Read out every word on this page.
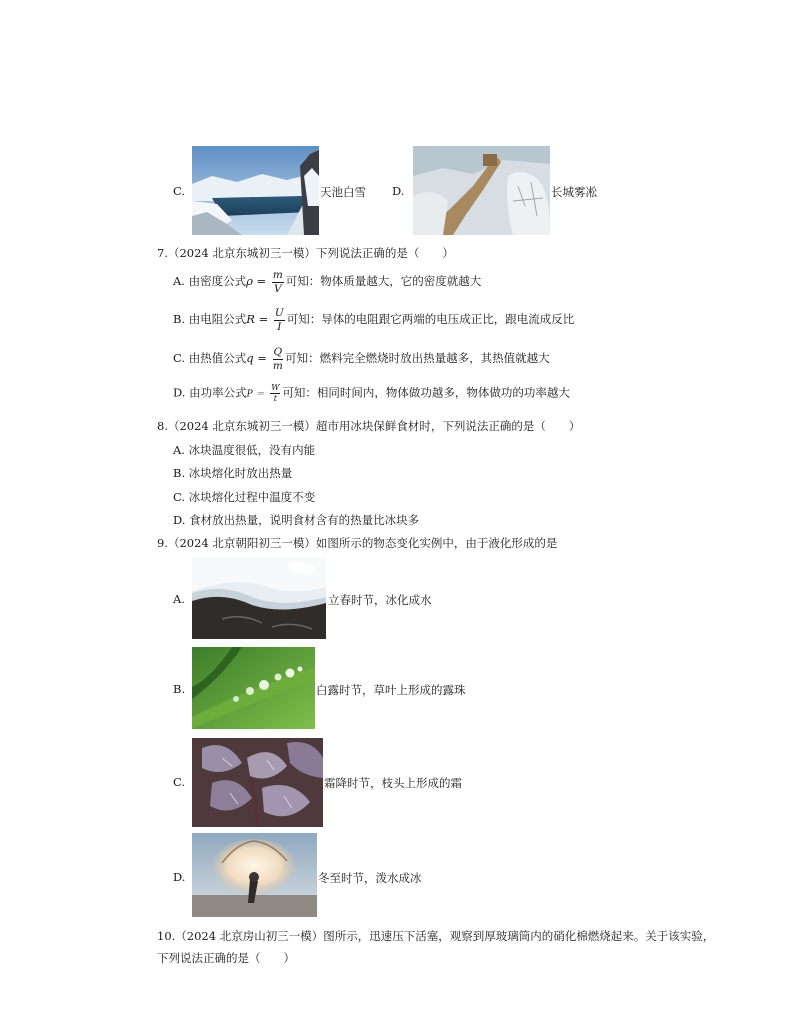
C.	天池白雪 D.	长城雾凇
7.（2024 北京东城初三一模）下列说法正确的是（　　）
A. 由密度公式$\rho = \frac{m}{V}$ 可知：物体质量越大，它的密度就越大
B. 由电阻公式$R = \frac{U}{I}$ 可知：导体的电阻跟它两端的电压成正比，跟电流成反比
C. 由热值公式$q = \frac{Q}{m}$ 可知：燃料完全燃烧时放出热量越多，其热值就越大
D. 由功率公式$P = \frac{W}{t}$ 可知：相同时间内，物体做功越多，物体做功的功率越大
8.（2024 北京东城初三一模）超市用冰块保鲜食材时，下列说法正确的是（　　）
A. 冰块温度很低，没有内能
B. 冰块熔化时放出热量
C. 冰块熔化过程中温度不变
D. 食材放出热量，说明食材含有的热量比冰块多
9.（2024 北京朝阳初三一模）如图所示的物态变化实例中，由于液化形成的是
A.	立春时节，冰化成水
B.	白露时节，草叶上形成的露珠
C.	霜降时节，枝头上形成的霜
D.	冬至时节，泼水成冰
10.（2024 北京房山初三一模）图所示，迅速压下活塞，观察到厚玻璃筒内的硝化棉燃烧起来。关于该实验，
下列说法正确的是（　　）
